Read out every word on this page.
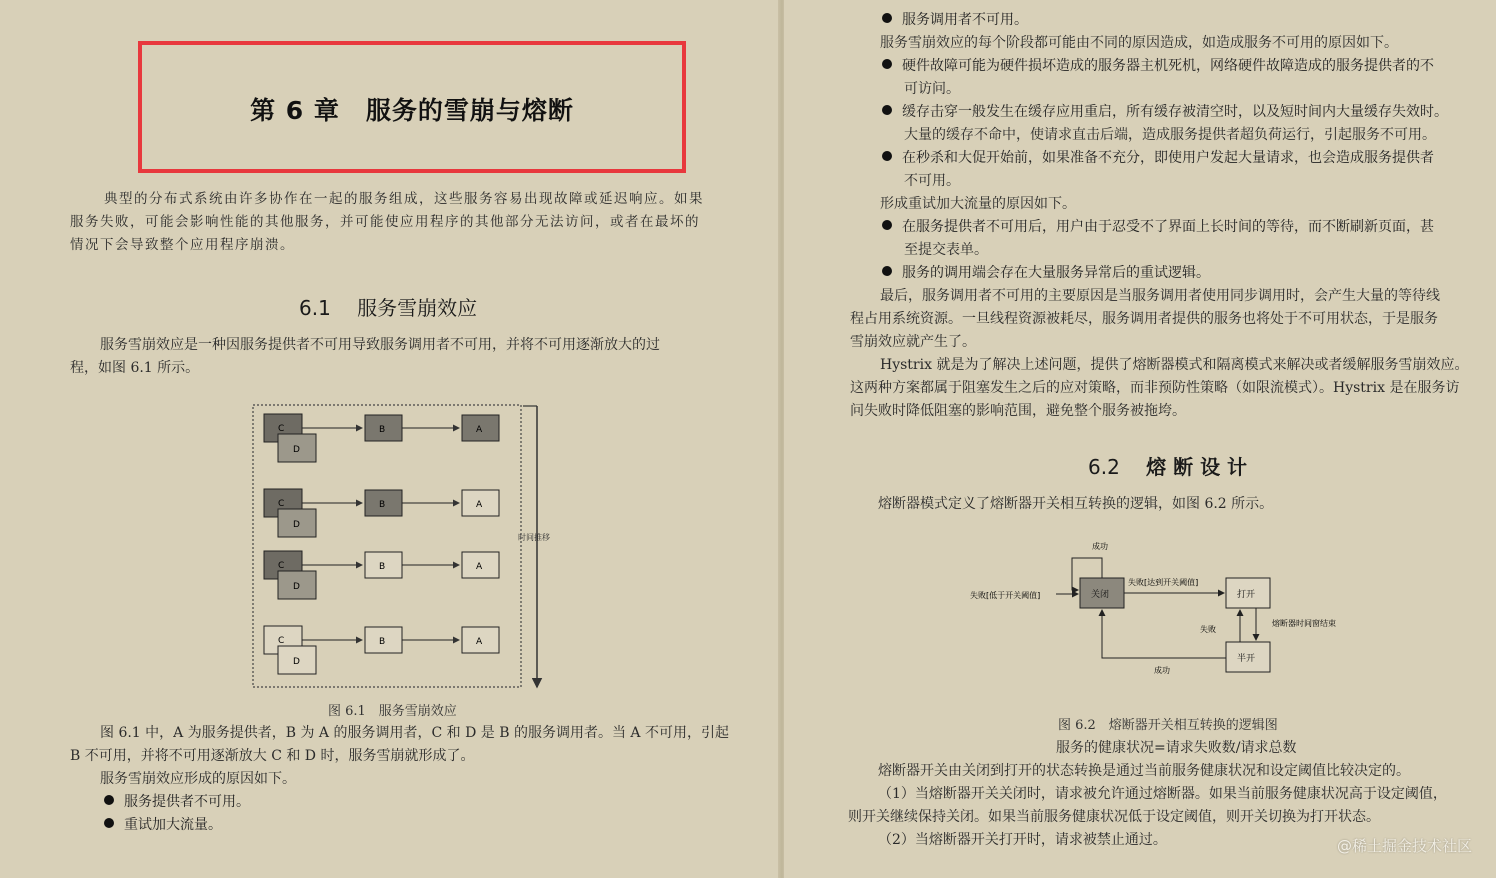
第 6 章 服务的雪崩与熔断
典型的分布式系统由许多协作在一起的服务组成，这些服务容易出现故障或延迟响应。如果
服务失败，可能会影响性能的其他服务，并可能使应用程序的其他部分无法访问，或者在最坏的
情况下会导致整个应用程序崩溃。
6.1　 服务雪崩效应
服务雪崩效应是一种因服务提供者不可用导致服务调用者不可用，并将不可用逐渐放大的过
程，如图 6.1 所示。
时间推移
C
D
B	A
C
D
B	A
C
D
B	A
C
D
B	A
图 6.1　服务雪崩效应
图 6.1 中，A 为服务提供者，B 为 A 的服务调用者，C 和 D 是 B 的服务调用者。当 A 不可用，引起
B 不可用，并将不可用逐渐放大 C 和 D 时，服务雪崩就形成了。
服务雪崩效应形成的原因如下。
服务提供者不可用。
重试加大流量。
服务调用者不可用。
服务雪崩效应的每个阶段都可能由不同的原因造成，如造成服务不可用的原因如下。
硬件故障可能为硬件损坏造成的服务器主机死机，网络硬件故障造成的服务提供者的不
可访问。
缓存击穿一般发生在缓存应用重启，所有缓存被清空时，以及短时间内大量缓存失效时。
大量的缓存不命中，使请求直击后端，造成服务提供者超负荷运行，引起服务不可用。
在秒杀和大促开始前，如果准备不充分，即使用户发起大量请求，也会造成服务提供者
不可用。
形成重试加大流量的原因如下。
在服务提供者不可用后，用户由于忍受不了界面上长时间的等待，而不断刷新页面，甚
至提交表单。
服务的调用端会存在大量服务异常后的重试逻辑。
最后，服务调用者不可用的主要原因是当服务调用者使用同步调用时，会产生大量的等待线
程占用系统资源。一旦线程资源被耗尽，服务调用者提供的服务也将处于不可用状态，于是服务
雪崩效应就产生了。
Hystrix 就是为了解决上述问题，提供了熔断器模式和隔离模式来解决或者缓解服务雪崩效应。
这两种方案都属于阻塞发生之后的应对策略，而非预防性策略（如限流模式）。Hystrix 是在服务访
问失败时降低阻塞的影响范围，避免整个服务被拖垮。
6.2　 熔 断 设 计
熔断器模式定义了熔断器开关相互转换的逻辑，如图 6.2 所示。
关闭	打开
半开
成功
失败[低于开关阈值]
失败[达到开关阈值]
熔断器时间窗结束
失败
成功
图 6.2　熔断器开关相互转换的逻辑图
服务的健康状况=请求失败数/请求总数
熔断器开关由关闭到打开的状态转换是通过当前服务健康状况和设定阈值比较决定的。
（1）当熔断器开关关闭时，请求被允许通过熔断器。如果当前服务健康状况高于设定阈值，
则开关继续保持关闭。如果当前服务健康状况低于设定阈值，则开关切换为打开状态。
（2）当熔断器开关打开时，请求被禁止通过。	@稀土掘金技术社区
